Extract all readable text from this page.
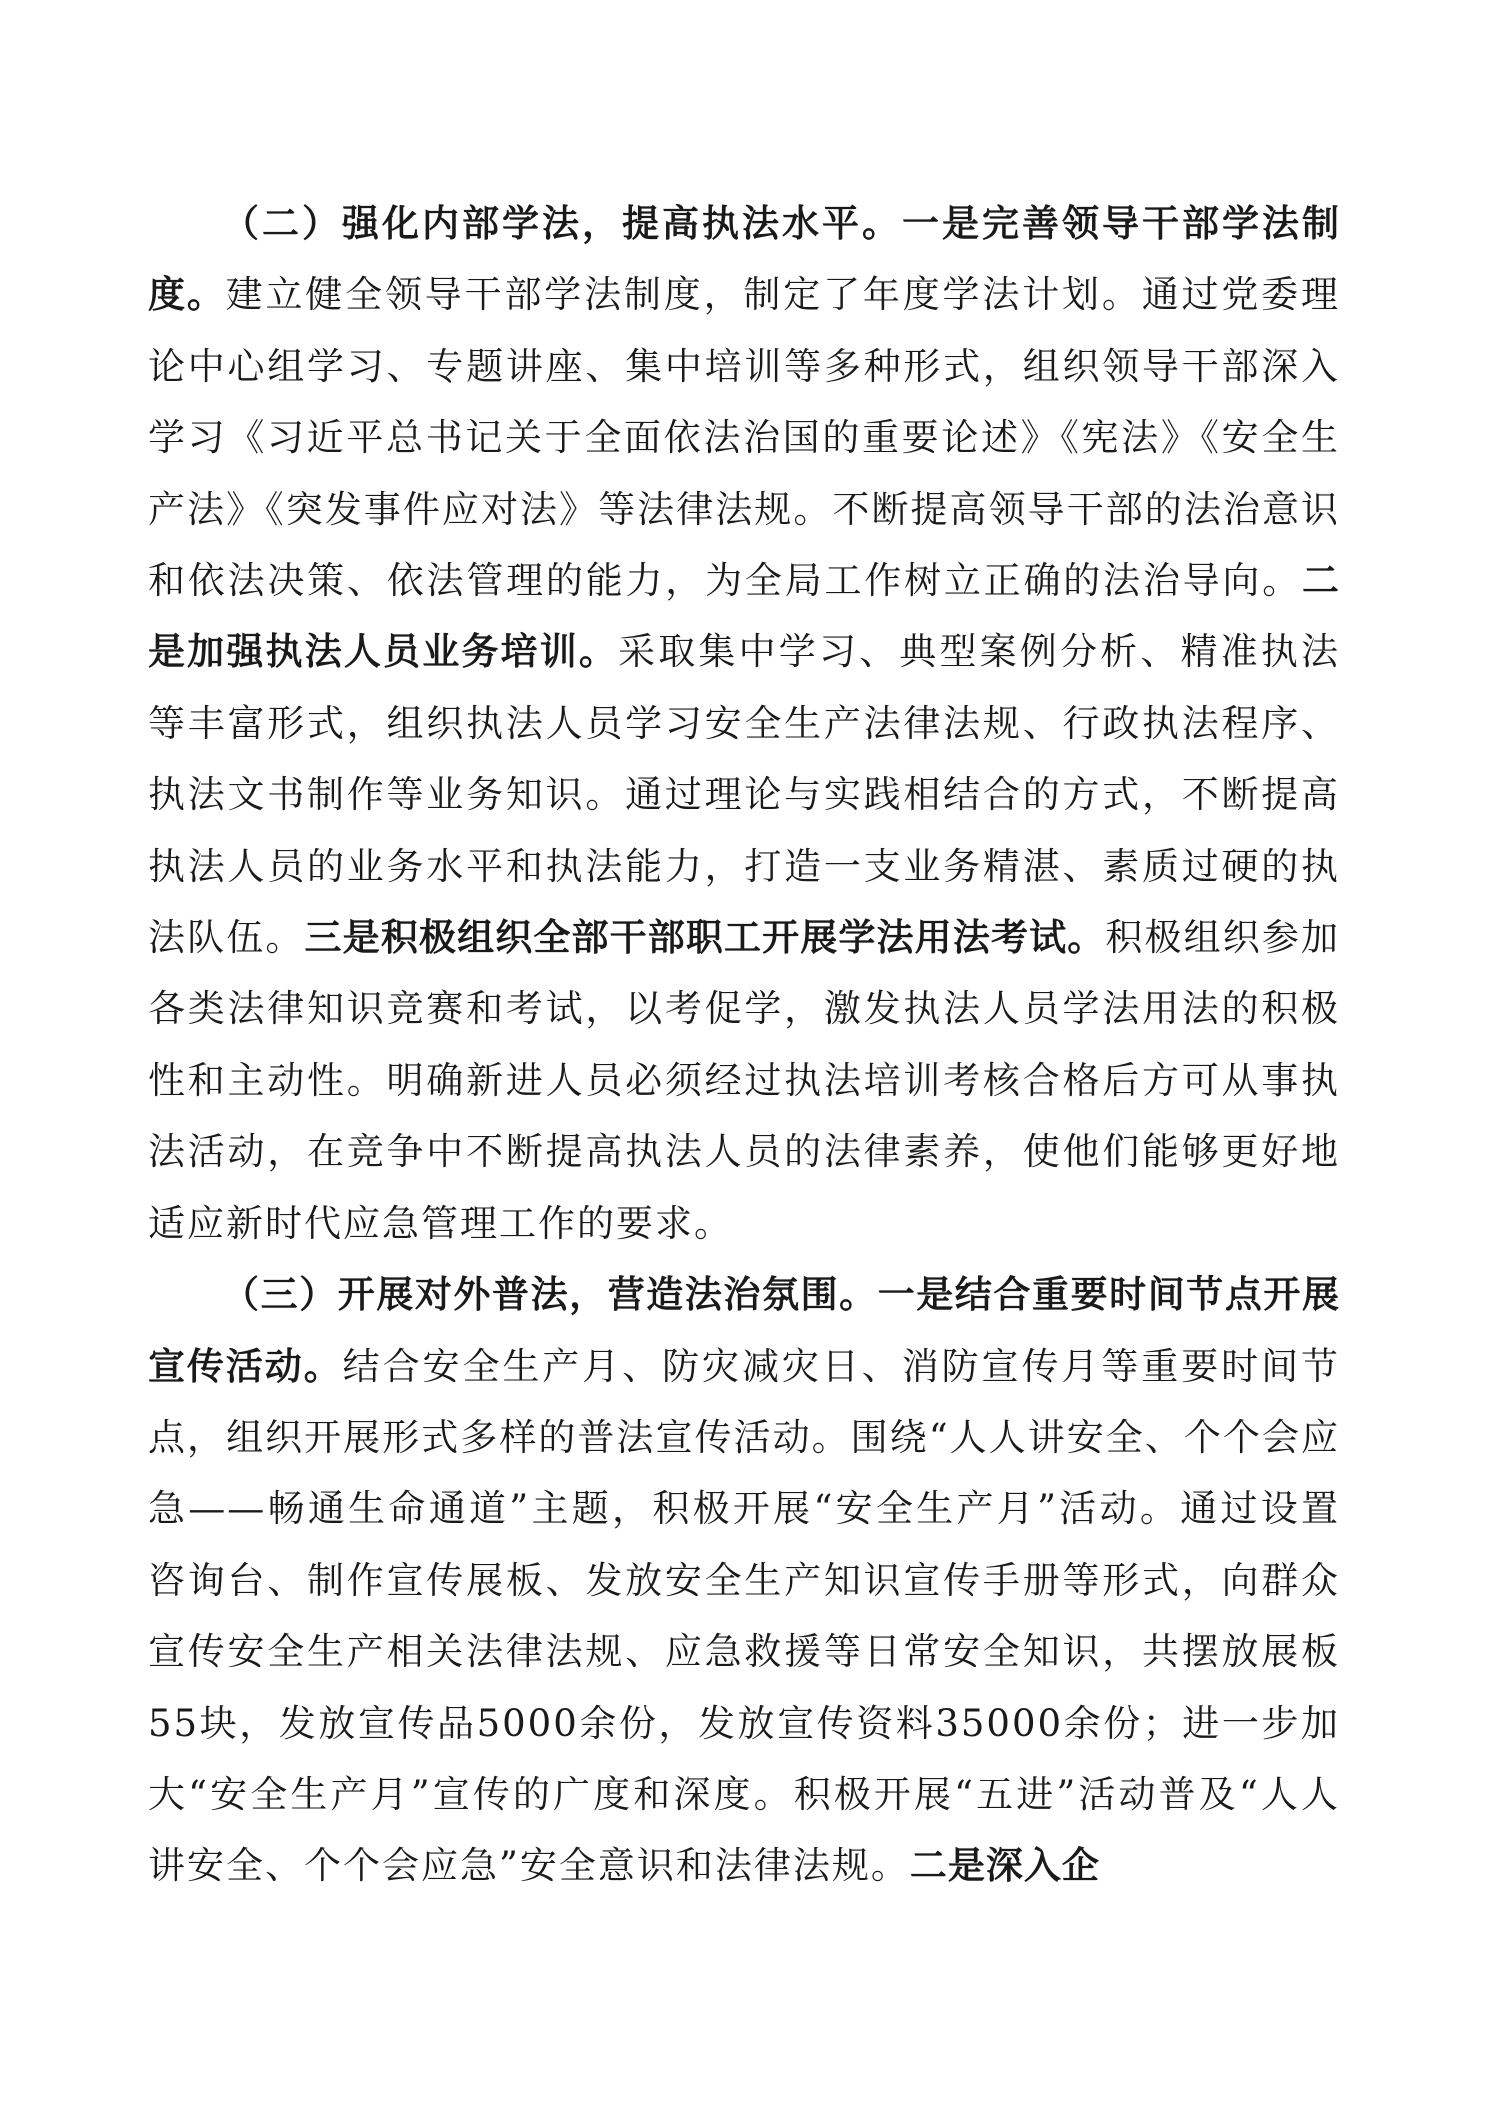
（二）强化内部学法，提高执法水平。一是完善领导干部学法制度。建立健全领导干部学法制度，制定了年度学法计划。通过党委理论中心组学习、专题讲座、集中培训等多种形式，组织领导干部深入学习《习近平总书记关于全面依法治国的重要论述》《宪法》《安全生产法》《突发事件应对法》等法律法规。不断提高领导干部的法治意识和依法决策、依法管理的能力，为全局工作树立正确的法治导向。二是加强执法人员业务培训。采取集中学习、典型案例分析、精准执法等丰富形式，组织执法人员学习安全生产法律法规、行政执法程序、执法文书制作等业务知识。通过理论与实践相结合的方式，不断提高执法人员的业务水平和执法能力，打造一支业务精湛、素质过硬的执法队伍。三是积极组织全部干部职工开展学法用法考试。积极组织参加各类法律知识竞赛和考试，以考促学，激发执法人员学法用法的积极性和主动性。明确新进人员必须经过执法培训考核合格后方可从事执法活动，在竞争中不断提高执法人员的法律素养，使他们能够更好地适应新时代应急管理工作的要求。

（三）开展对外普法，营造法治氛围。一是结合重要时间节点开展宣传活动。结合安全生产月、防灾减灾日、消防宣传月等重要时间节点，组织开展形式多样的普法宣传活动。围绕“人人讲安全、个个会应急——畅通生命通道”主题，积极开展“安全生产月”活动。通过设置咨询台、制作宣传展板、发放安全生产知识宣传手册等形式，向群众宣传安全生产相关法律法规、应急救援等日常安全知识，共摆放展板55块，发放宣传品5000余份，发放宣传资料35000余份；进一步加大“安全生产月”宣传的广度和深度。积极开展“五进”活动普及“人人讲安全、个个会应急”安全意识和法律法规。二是深入企
